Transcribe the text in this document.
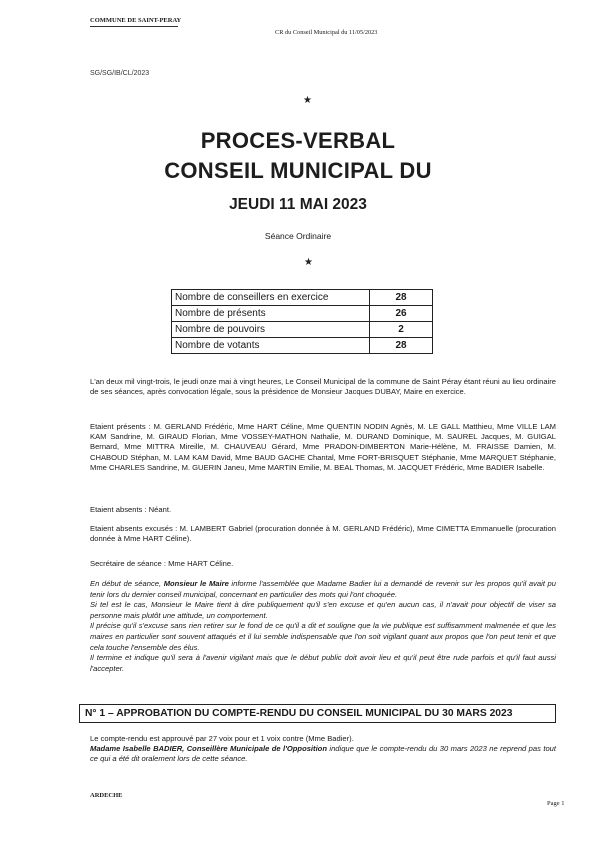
COMMUNE DE SAINT-PERAY
CR du Conseil Municipal du 11/05/2023
SG/SG/IB/CL/2023
★
PROCES-VERBAL
CONSEIL MUNICIPAL DU
JEUDI 11 MAI 2023
Séance Ordinaire
★
Nombre de conseillers en exercice	28
Nombre de présents	26
Nombre de pouvoirs	2
Nombre de votants	28
L'an deux mil vingt-trois, le jeudi onze mai à vingt heures, Le Conseil Municipal de la commune de Saint Péray étant réuni au lieu ordinaire de ses séances, après convocation légale, sous la présidence de Monsieur Jacques DUBAY, Maire en exercice.
Etaient présents : M. GERLAND Frédéric, Mme HART Céline, Mme QUENTIN NODIN Agnès, M. LE GALL Matthieu, Mme VILLE LAM KAM Sandrine, M. GIRAUD Florian, Mme VOSSEY-MATHON Nathalie, M. DURAND Dominique, M. SAUREL Jacques, M. GUIGAL Bernard, Mme MITTRA Mireille, M. CHAUVEAU Gérard, Mme PRADON-DIMBERTON Marie-Hélène, M. FRAISSE Damien, M. CHABOUD Stéphan, M. LAM KAM David, Mme BAUD GACHE Chantal, Mme FORT-BRISQUET Stéphanie, Mme MARQUET Stéphanie, Mme CHARLES Sandrine, M. GUERIN Janeu, Mme MARTIN Emilie, M. BEAL Thomas, M. JACQUET Frédéric, Mme BADIER Isabelle.
Etaient absents : Néant.
Etaient absents excusés : M. LAMBERT Gabriel (procuration donnée à M. GERLAND Frédéric), Mme CIMETTA Emmanuelle (procuration donnée à Mme HART Céline).
Secrétaire de séance : Mme HART Céline.

En début de séance, Monsieur le Maire informe l'assemblée que Madame Badier lui a demandé de revenir sur les propos qu'il avait pu tenir lors du dernier conseil municipal, concernant en particulier des mots qui l'ont choquée.

Si tel est le cas, Monsieur le Maire tient à dire publiquement qu'il s'en excuse et qu'en aucun cas, il n'avait pour objectif de viser sa personne mais plutôt une attitude, un comportement.

Il précise qu'il s'excuse sans rien retirer sur le fond de ce qu'il a dit et souligne que la vie publique est suffisamment malmenée et que les maires en particulier sont souvent attaqués et il lui semble indispensable que l'on soit vigilant quant aux propos que l'on peut tenir et que cela touche l'ensemble des élus.

Il termine et indique qu'il sera à l'avenir vigilant mais que le début public doit avoir lieu et qu'il peut être rude parfois et qu'il faut aussi l'accepter.

N° 1 – APPROBATION DU COMPTE-RENDU DU CONSEIL MUNICIPAL DU 30 MARS 2023

Le compte-rendu est approuvé par 27 voix pour et 1 voix contre (Mme Badier).

Madame Isabelle BADIER, Conseillère Municipale de l'Opposition indique que le compte-rendu du 30 mars 2023 ne reprend pas tout ce qui a été dit oralement lors de cette séance.

ARDECHE
Page 1
